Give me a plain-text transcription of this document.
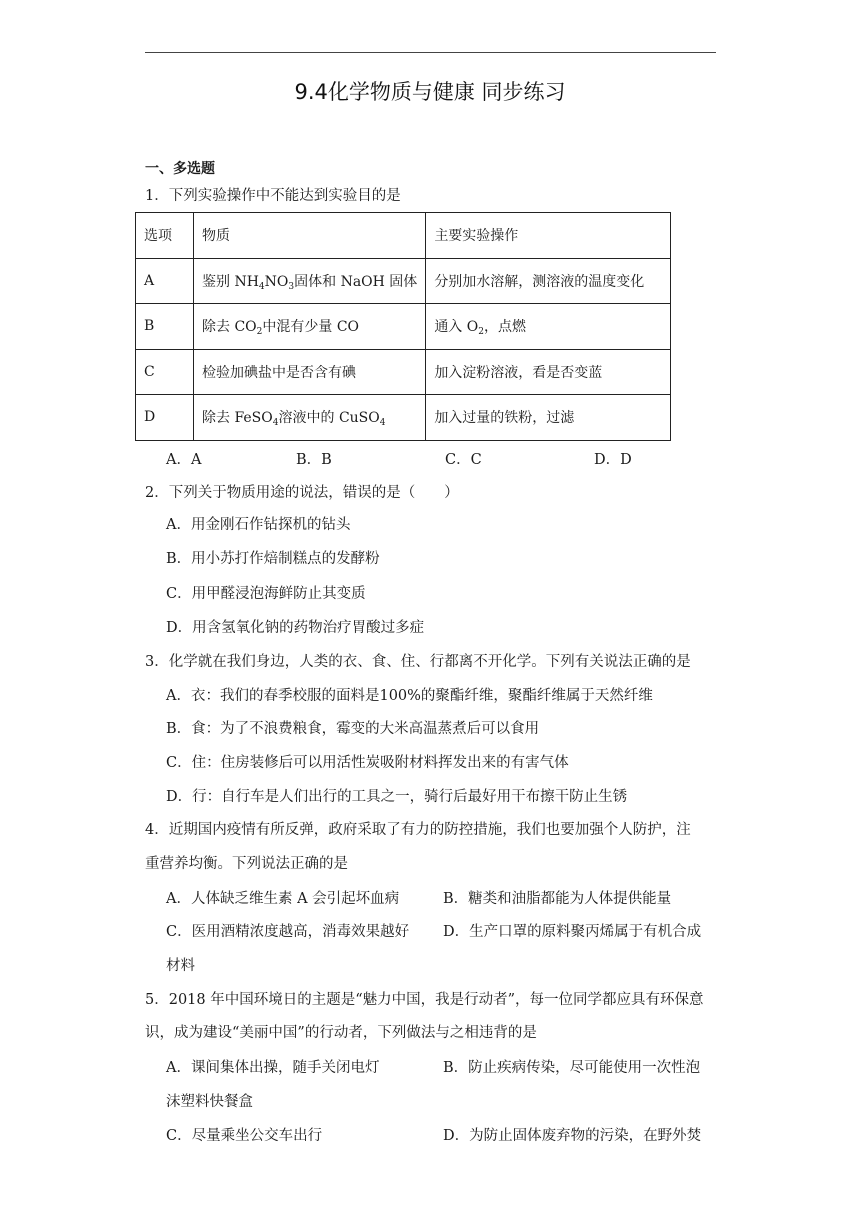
9.4化学物质与健康 同步练习
一、多选题
1．下列实验操作中不能达到实验目的是
选项	物质	主要实验操作
A	鉴别 $NH_4NO_3$固体和 NaOH 固体	分别加水溶解，测溶液的温度变化
B	除去 $CO_2$中混有少量 CO	通入 $O_2$，点燃
C	检验加碘盐中是否含有碘	加入淀粉溶液，看是否变蓝
D	除去 FeSO$_4$溶液中的 CuSO$_4$	加入过量的铁粉，过滤
A．A	B．B	C．C	D．D
2．下列关于物质用途的说法，错误的是（　　）
A．用金刚石作钻探机的钻头
B．用小苏打作焙制糕点的发酵粉
C．用甲醛浸泡海鲜防止其变质
D．用含氢氧化钠的药物治疗胃酸过多症
3．化学就在我们身边，人类的衣、食、住、行都离不开化学。下列有关说法正确的是
A．衣：我们的春季校服的面料是100%的聚酯纤维，聚酯纤维属于天然纤维
B．食：为了不浪费粮食，霉变的大米高温蒸煮后可以食用
C．住：住房装修后可以用活性炭吸附材料挥发出来的有害气体
D．行：自行车是人们出行的工具之一，骑行后最好用干布擦干防止生锈
4．近期国内疫情有所反弹，政府采取了有力的防控措施，我们也要加强个人防护，注
重营养均衡。下列说法正确的是
A．人体缺乏维生素 A 会引起坏血病	B．糖类和油脂都能为人体提供能量
C．医用酒精浓度越高，消毒效果越好 D．生产口罩的原料聚丙烯属于有机合成
材料
5．2018 年中国环境日的主题是“魅力中国，我是行动者”，每一位同学都应具有环保意
识，成为建设“美丽中国”的行动者，下列做法与之相违背的是
A．课间集体出操，随手关闭电灯	B．防止疾病传染，尽可能使用一次性泡
沫塑料快餐盒
C．尽量乘坐公交车出行	D．为防止固体废弃物的污染，在野外焚
